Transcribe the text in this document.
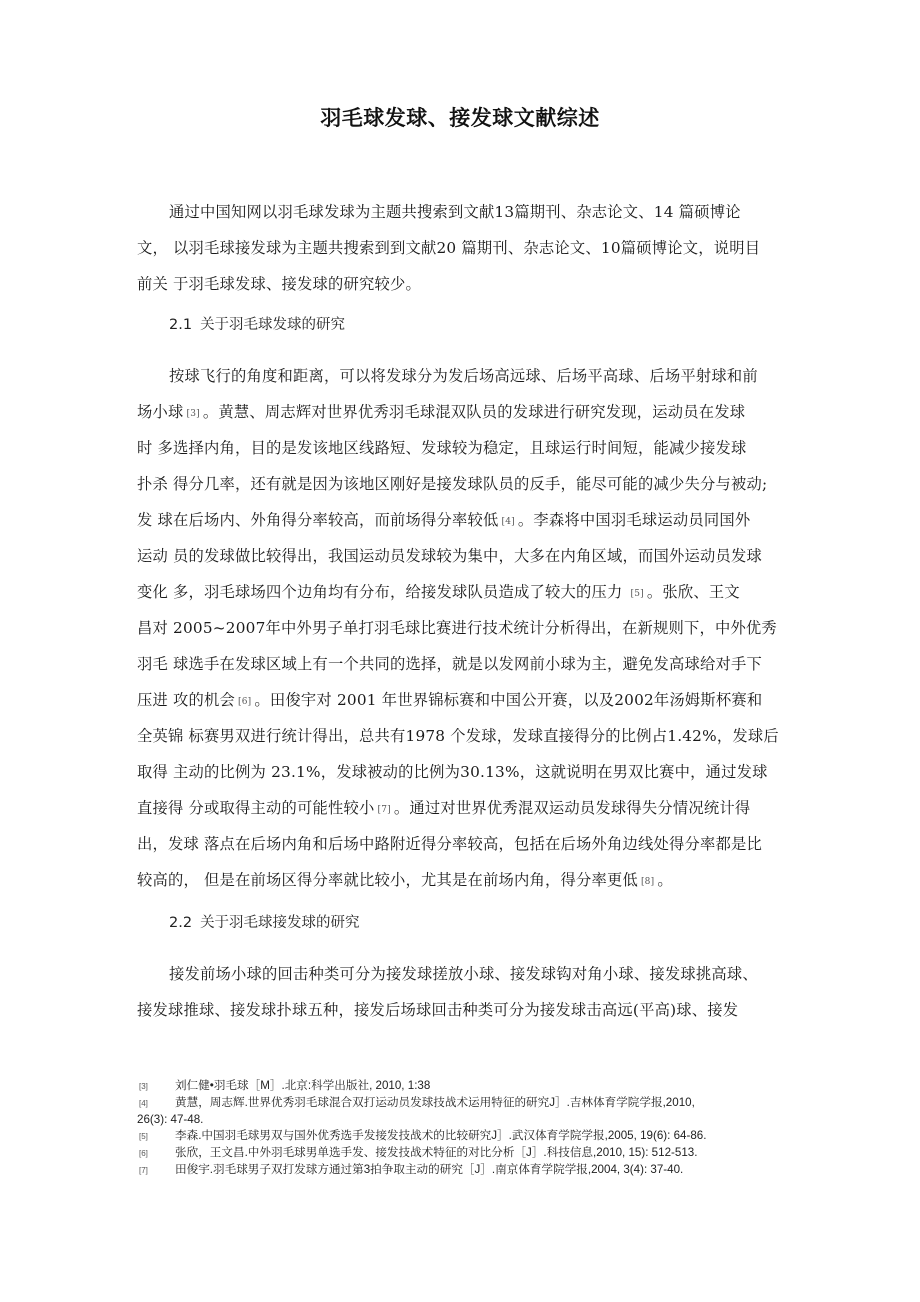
羽毛球发球、接发球文献综述
通过中国知网以羽毛球发球为主题共搜索到文献13篇期刊、杂志论文、14 篇硕博论
文， 以羽毛球接发球为主题共搜索到到文献20 篇期刊、杂志论文、10篇硕博论文，说明目
前关 于羽毛球发球、接发球的研究较少。
2.1 关于羽毛球发球的研究
按球飞行的角度和距离，可以将发球分为发后场高远球、后场平高球、后场平射球和前
场小球 [3] 。黄慧、周志辉对世界优秀羽毛球混双队员的发球进行研究发现，运动员在发球
时 多选择内角，目的是发该地区线路短、发球较为稳定，且球运行时间短，能减少接发球
扑杀 得分几率，还有就是因为该地区刚好是接发球队员的反手，能尽可能的减少失分与被动;
发 球在后场内、外角得分率较高，而前场得分率较低 [4] 。李森将中国羽毛球运动员同国外
运动 员的发球做比较得出，我国运动员发球较为集中，大多在内角区域，而国外运动员发球
变化 多，羽毛球场四个边角均有分布，给接发球队员造成了较大的压力 [5] 。张欣、王文
昌对 2005~2007年中外男子单打羽毛球比赛进行技术统计分析得出，在新规则下，中外优秀
羽毛 球选手在发球区域上有一个共同的选择，就是以发网前小球为主，避免发高球给对手下
压进 攻的机会 [6] 。田俊宇对 2001 年世界锦标赛和中国公开赛，以及2002年汤姆斯杯赛和
全英锦 标赛男双进行统计得出，总共有1978 个发球，发球直接得分的比例占1.42%，发球后
取得 主动的比例为 23.1%，发球被动的比例为30.13%，这就说明在男双比赛中，通过发球
直接得 分或取得主动的可能性较小 [7] 。通过对世界优秀混双运动员发球得失分情况统计得
出，发球 落点在后场内角和后场中路附近得分率较高，包括在后场外角边线处得分率都是比
较高的， 但是在前场区得分率就比较小，尤其是在前场内角，得分率更低 [8] 。
2.2 关于羽毛球接发球的研究
接发前场小球的回击种类可分为接发球搓放小球、接发球钩对角小球、接发球挑高球、
接发球推球、接发球扑球五种，接发后场球回击种类可分为接发球击高远(平高)球、接发
[3] 刘仁健•羽毛球［M］.北京:科学出版社, 2010, 1:38
[4] 黄慧，周志辉.世界优秀羽毛球混合双打运动员发球技战术运用特征的研究J］.吉林体育学院学报,2010,
26(3): 47-48.
[5] 李森.中国羽毛球男双与国外优秀选手发接发技战术的比较研究J］.武汉体育学院学报,2005, 19(6): 64-86.
[6] 张欣，王文昌.中外羽毛球男单选手发、接发技战术特征的对比分析［J］.科技信息,2010, 15): 512-513.
[7] 田俊宇.羽毛球男子双打发球方通过第3拍争取主动的研究［J］.南京体育学院学报,2004, 3(4): 37-40.
